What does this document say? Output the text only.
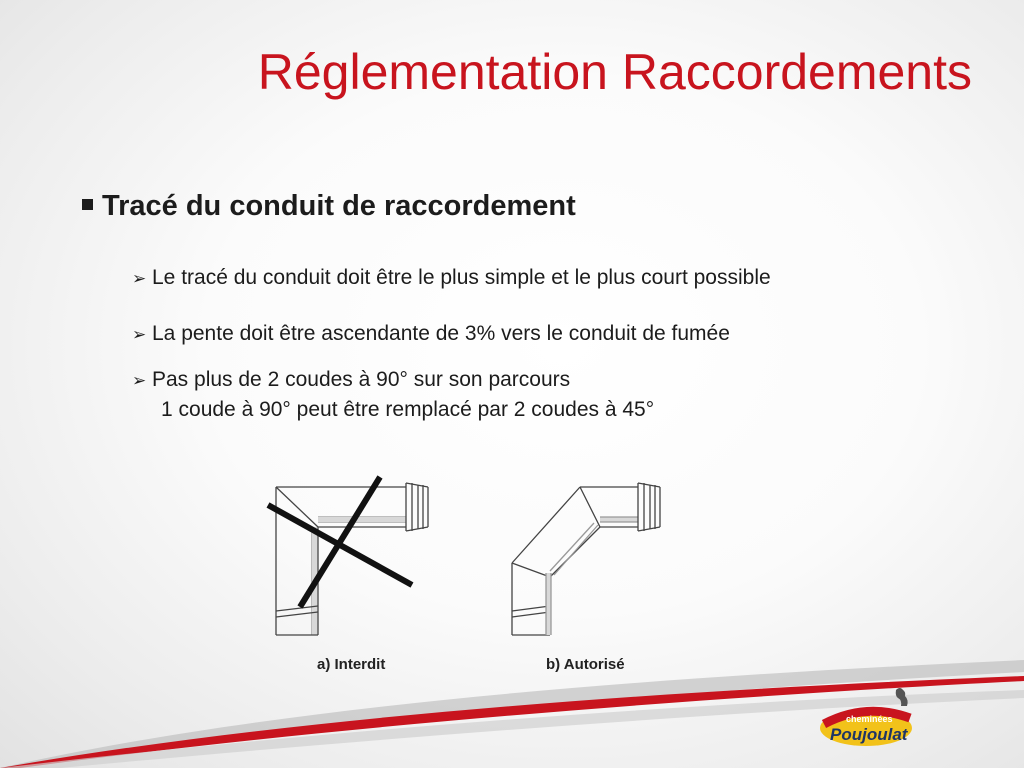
Réglementation Raccordements
Tracé du conduit de raccordement
➢ Le tracé du conduit doit être le plus simple et le plus court possible
➢ La pente doit être ascendante de 3% vers le conduit de fumée
➢ Pas plus de 2 coudes à 90° sur son parcours
1 coude à 90° peut être remplacé par 2 coudes à 45°
a) Interdit	b) Autorisé
cheminées
Poujoulat
